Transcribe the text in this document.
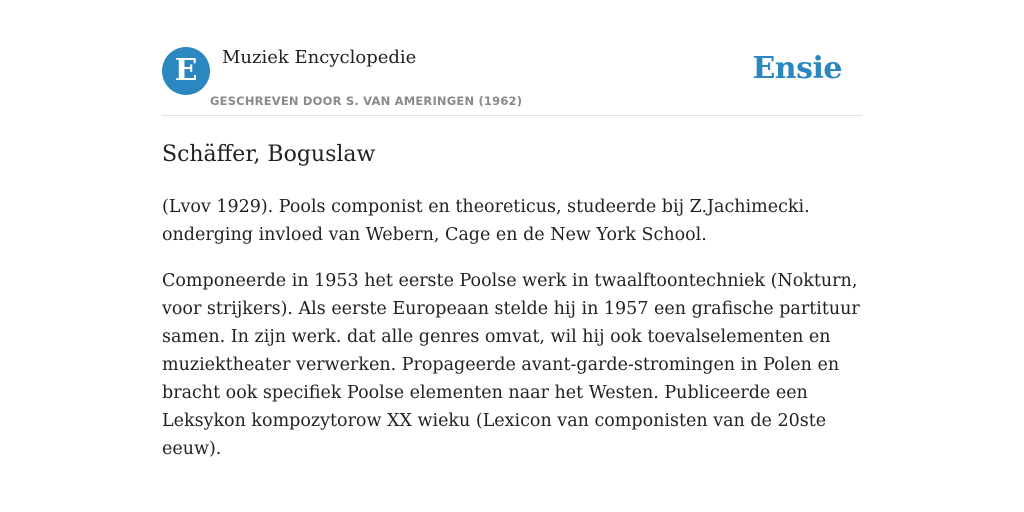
E	Muziek Encyclopedie
GESCHREVEN DOOR S. VAN AMERINGEN (1962)
Ensie
Schäffer, Boguslaw

(Lvov 1929). Pools componist en theoreticus, studeerde bij Z.Jachimecki. onderging invloed van Webern, Cage en de New York School.

Componeerde in 1953 het eerste Poolse werk in twaalftoontechniek (Nokturn, voor strijkers). Als eerste Europeaan stelde hij in 1957 een grafische partituur samen. In zijn werk. dat alle genres omvat, wil hij ook toevalselementen en muziektheater verwerken. Propageerde avant-garde-stromingen in Polen en bracht ook specifiek Poolse elementen naar het Westen. Publiceerde een Leksykon kompozytorow XX wieku (Lexicon van componisten van de 20ste eeuw).
